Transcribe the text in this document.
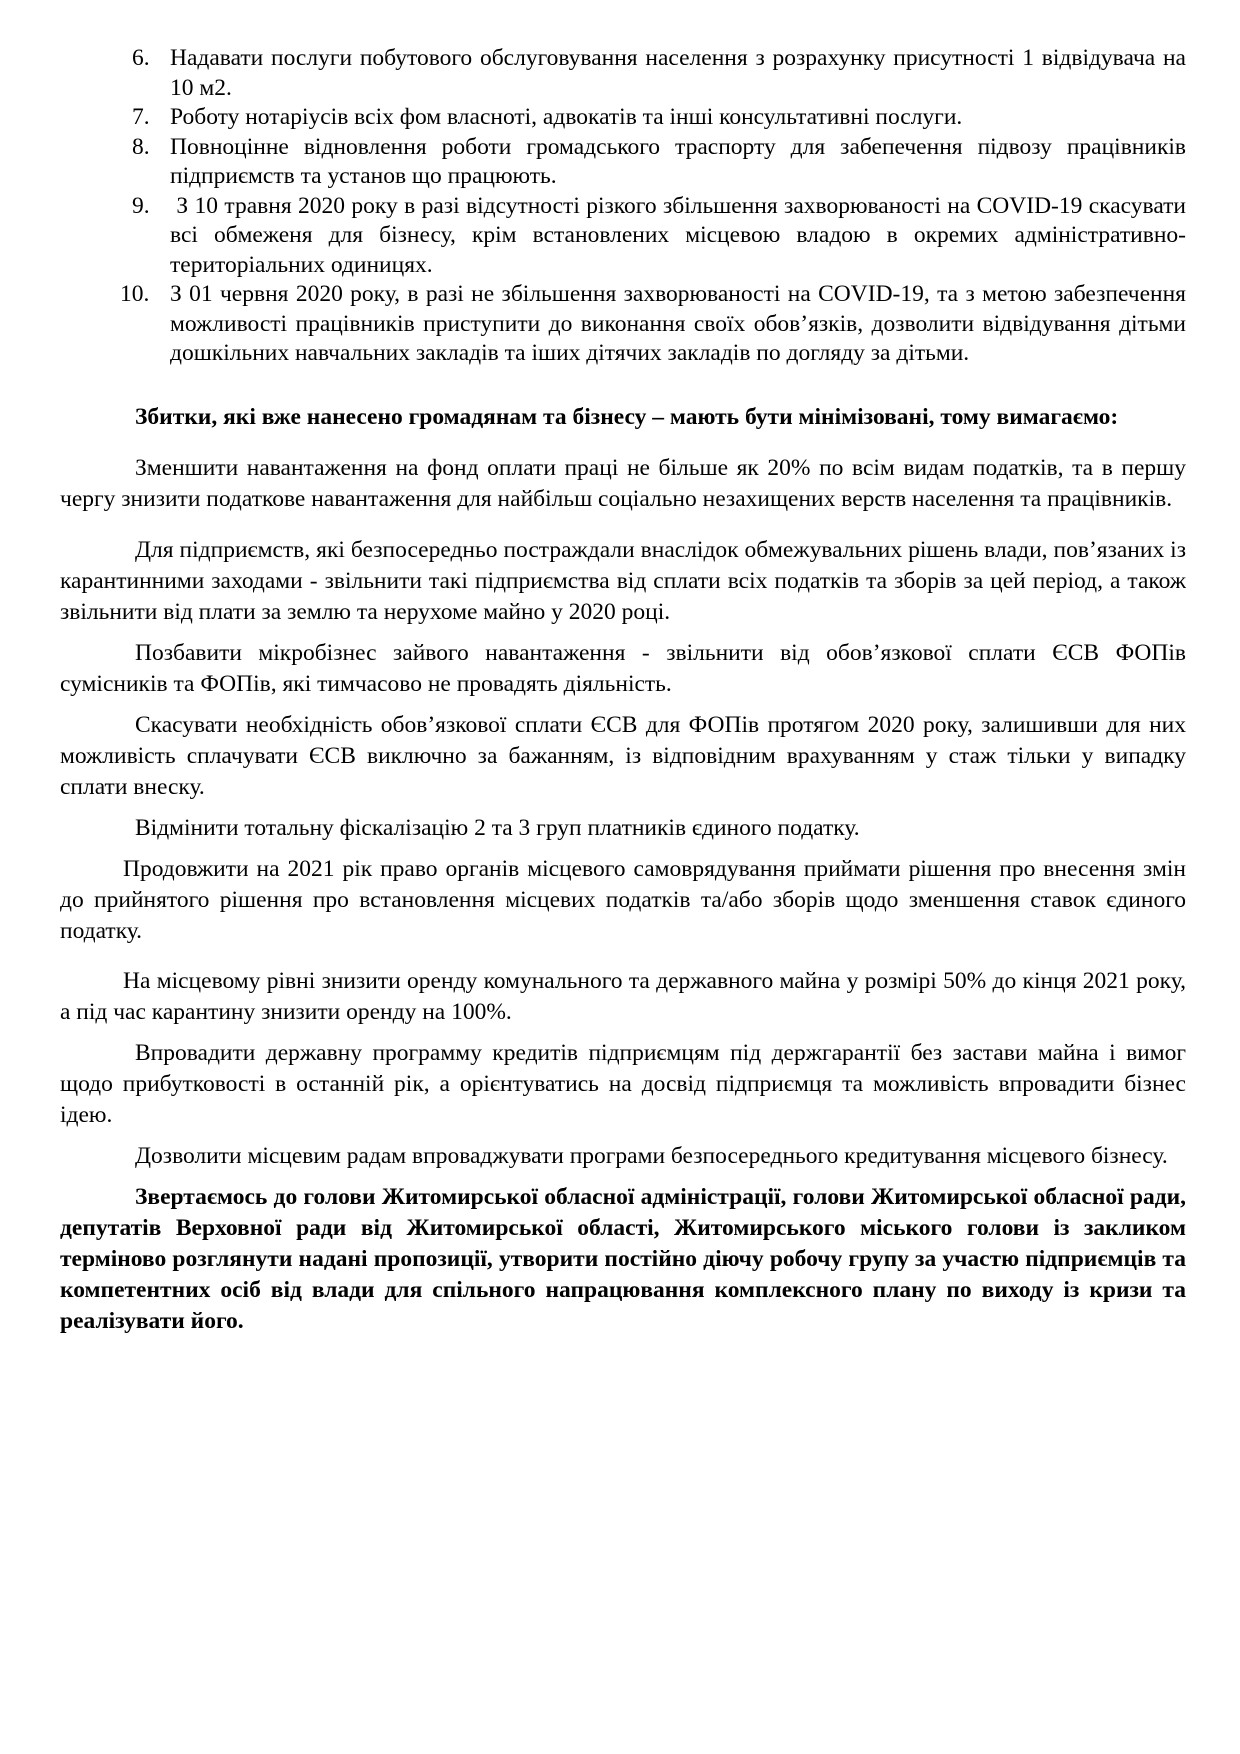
6. Надавати послуги побутового обслуговування населення з розрахунку присутності 1 відвідувача на 10 м2.
7. Роботу нотаріусів всіх фом власноті, адвокатів та інші консультативні послуги.
8. Повноцінне відновлення роботи громадського траспорту для забепечення підвозу працівників підприємств та установ що працюють.
9. З 10 травня 2020 року в разі відсутності різкого збільшення захворюваності на COVID-19 скасувати всі обмеженя для бізнесу, крім встановлених місцевою владою в окремих адміністративно-територіальних одиницях.
10. З 01 червня 2020 року, в разі не збільшення захворюваності на COVID-19, та з метою забезпечення можливості працівників приступити до виконання своїх обов’язків, дозволити відвідування дітьми дошкільних навчальних закладів та іших дітячих закладів по догляду за дітьми.

Збитки, які вже нанесено громадянам та бізнесу – мають бути мінімізовані, тому вимагаємо:

Зменшити навантаження на фонд оплати праці не більше як 20% по всім видам податків, та в першу чергу знизити податкове навантаження для найбільш соціально незахищених верств населення та працівників.

Для підприємств, які безпосередньо постраждали внаслідок обмежувальних рішень влади, пов’язаних із карантинними заходами - звільнити такі підприємства від сплати всіх податків та зборів за цей період, а також звільнити від плати за землю та нерухоме майно у 2020 році.

Позбавити мікробізнес зайвого навантаження - звільнити від обов’язкової сплати ЄСВ ФОПів сумісників та ФОПів, які тимчасово не провадять діяльність.

Скасувати необхідність обов’язкової сплати ЄСВ для ФОПів протягом 2020 року, залишивши для них можливість сплачувати ЄСВ виключно за бажанням, із відповідним врахуванням у стаж тільки у випадку сплати внеску.

Відмінити тотальну фіскалізацію 2 та 3 груп платників єдиного податку.

Продовжити на 2021 рік право органів місцевого самоврядування приймати рішення про внесення змін до прийнятого рішення про встановлення місцевих податків та/або зборів щодо зменшення ставок єдиного податку.

На місцевому рівні знизити оренду комунального та державного майна у розмірі 50% до кінця 2021 року, а під час карантину знизити оренду на 100%.

Впровадити державну программу кредитів підприємцям під держгарантії без застави майна і вимог щодо прибутковості в останній рік, а орієнтуватись на досвід підприємця та можливість впровадити бізнес ідею.

Дозволити місцевим радам впроваджувати програми безпосереднього кредитування місцевого бізнесу.

Звертаємось до голови Житомирської обласної адміністрації, голови Житомирської обласної ради, депутатів Верховної ради від Житомирської області, Житомирського міського голови із закликом терміново розглянути надані пропозиції, утворити постійно діючу робочу групу за участю підприємців та компетентних осіб від влади для спільного напрацювання комплексного плану по виходу із кризи та реалізувати його.
